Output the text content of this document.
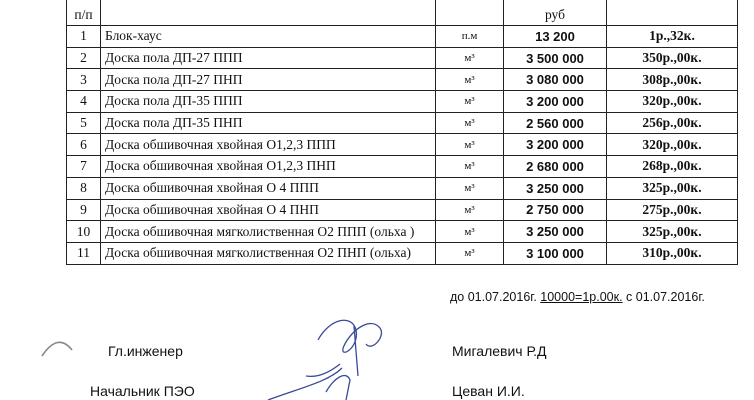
п/п			руб	
1	Блок-хаус	п.м	13 200	1р.,32к.
2	Доска пола ДП-27 ППП	м³	3 500 000	350р.,00к.
3	Доска пола ДП-27 ПНП	м³	3 080 000	308р.,00к.
4	Доска пола ДП-35 ППП	м³	3 200 000	320р.,00к.
5	Доска пола ДП-35 ПНП	м³	2 560 000	256р.,00к.
6	Доска обшивочная хвойная О1,2,3 ППП	м³	3 200 000	320р.,00к.
7	Доска обшивочная хвойная О1,2,3 ПНП	м³	2 680 000	268р.,00к.
8	Доска обшивочная хвойная О 4 ППП	м³	3 250 000	325р.,00к.
9	Доска обшивочная хвойная О 4 ПНП	м³	2 750 000	275р.,00к.
10	Доска обшивочная мягколиственная О2 ППП (ольха )	м³	3 250 000	325р.,00к.
11	Доска обшивочная мягколиственная О2 ПНП (ольха)	м³	3 100 000	310р.,00к.
до 01.07.2016г. 10000=1р.00к. с 01.07.2016г.
Гл.инженер	Мигалевич Р.Д
Начальник ПЭО	Цеван И.И.
